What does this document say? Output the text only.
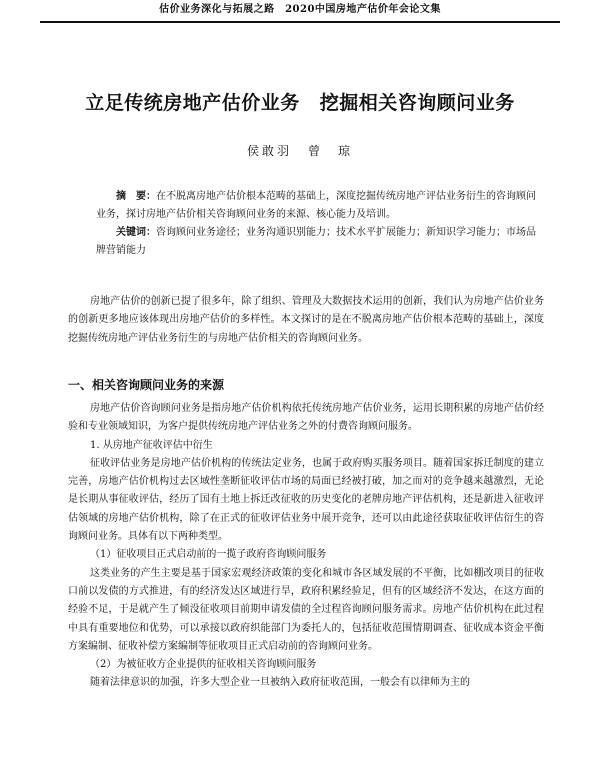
估价业务深化与拓展之路　2020中国房地产估价年会论文集
立足传统房地产估价业务 挖掘相关咨询顾问业务
侯敢羽 曾　琼

摘　要：在不脱离房地产估价根本范畴的基础上，深度挖掘传统房地产评估业务衍生的咨询顾问业务，探讨房地产估价相关咨询顾问业务的来源、核心能力及培训。

关键词：咨询顾问业务途径；业务沟通识别能力；技术水平扩展能力；新知识学习能力；市场品牌营销能力

房地产估价的创新已提了很多年，除了组织、管理及大数据技术运用的创新，我们认为房地产估价业务的创新更多地应该体现出房地产估价的多样性。本文探讨的是在不脱离房地产估价根本范畴的基础上，深度挖掘传统房地产评估业务衍生的与房地产估价相关的咨询顾问业务。

一、相关咨询顾问业务的来源

房地产估价咨询顾问业务是指房地产估价机构依托传统房地产估价业务，运用长期积累的房地产估价经验和专业领域知识，为客户提供传统房地产评估业务之外的付费咨询顾问服务。

1. 从房地产征收评估中衍生

征收评估业务是房地产估价机构的传统法定业务，也属于政府购买服务项目。随着国家拆迁制度的建立完善，房地产估价机构过去区域性垄断征收评估市场的局面已经被打破，加之而对的竞争越来越激烈，无论是长期从事征收评估，经历了国有土地上拆迁改征收的历史变化的老牌房地产评估机构，还是新进入征收评估领域的房地产估价机构，除了在正式的征收评估业务中展开竞争，还可以由此途径获取征收评估衍生的咨询顾问业务。具体有以下两种类型。

（1）征收项目正式启动前的一揽子政府咨询顾问服务

这类业务的产生主要是基于国家宏观经济政策的变化和城市各区域发展的不平衡，比如棚改项目的征收口前以发债的方式推进，有的经济发达区域进行旱，政府积累经验足，但有的区域经济不发达，在这方面的经验不足，于是就产生了倾没征收项目前期申请发债的全过程咨询顾问服务需求。房地产估价机构在此过程中具有重要地位和优势，可以承接以政府织能部门为委托人的，包括征收范围情期调查、征收成本资金平衡方案编制、征收补偿方案编制等征收项目正式启动前的咨询顾问业务。

（2）为被征收方企业提供的征收相关咨询顾问服务

随着法律意识的加强，许多大型企业一旦被纳入政府征收范围，一般会有以律师为主的
